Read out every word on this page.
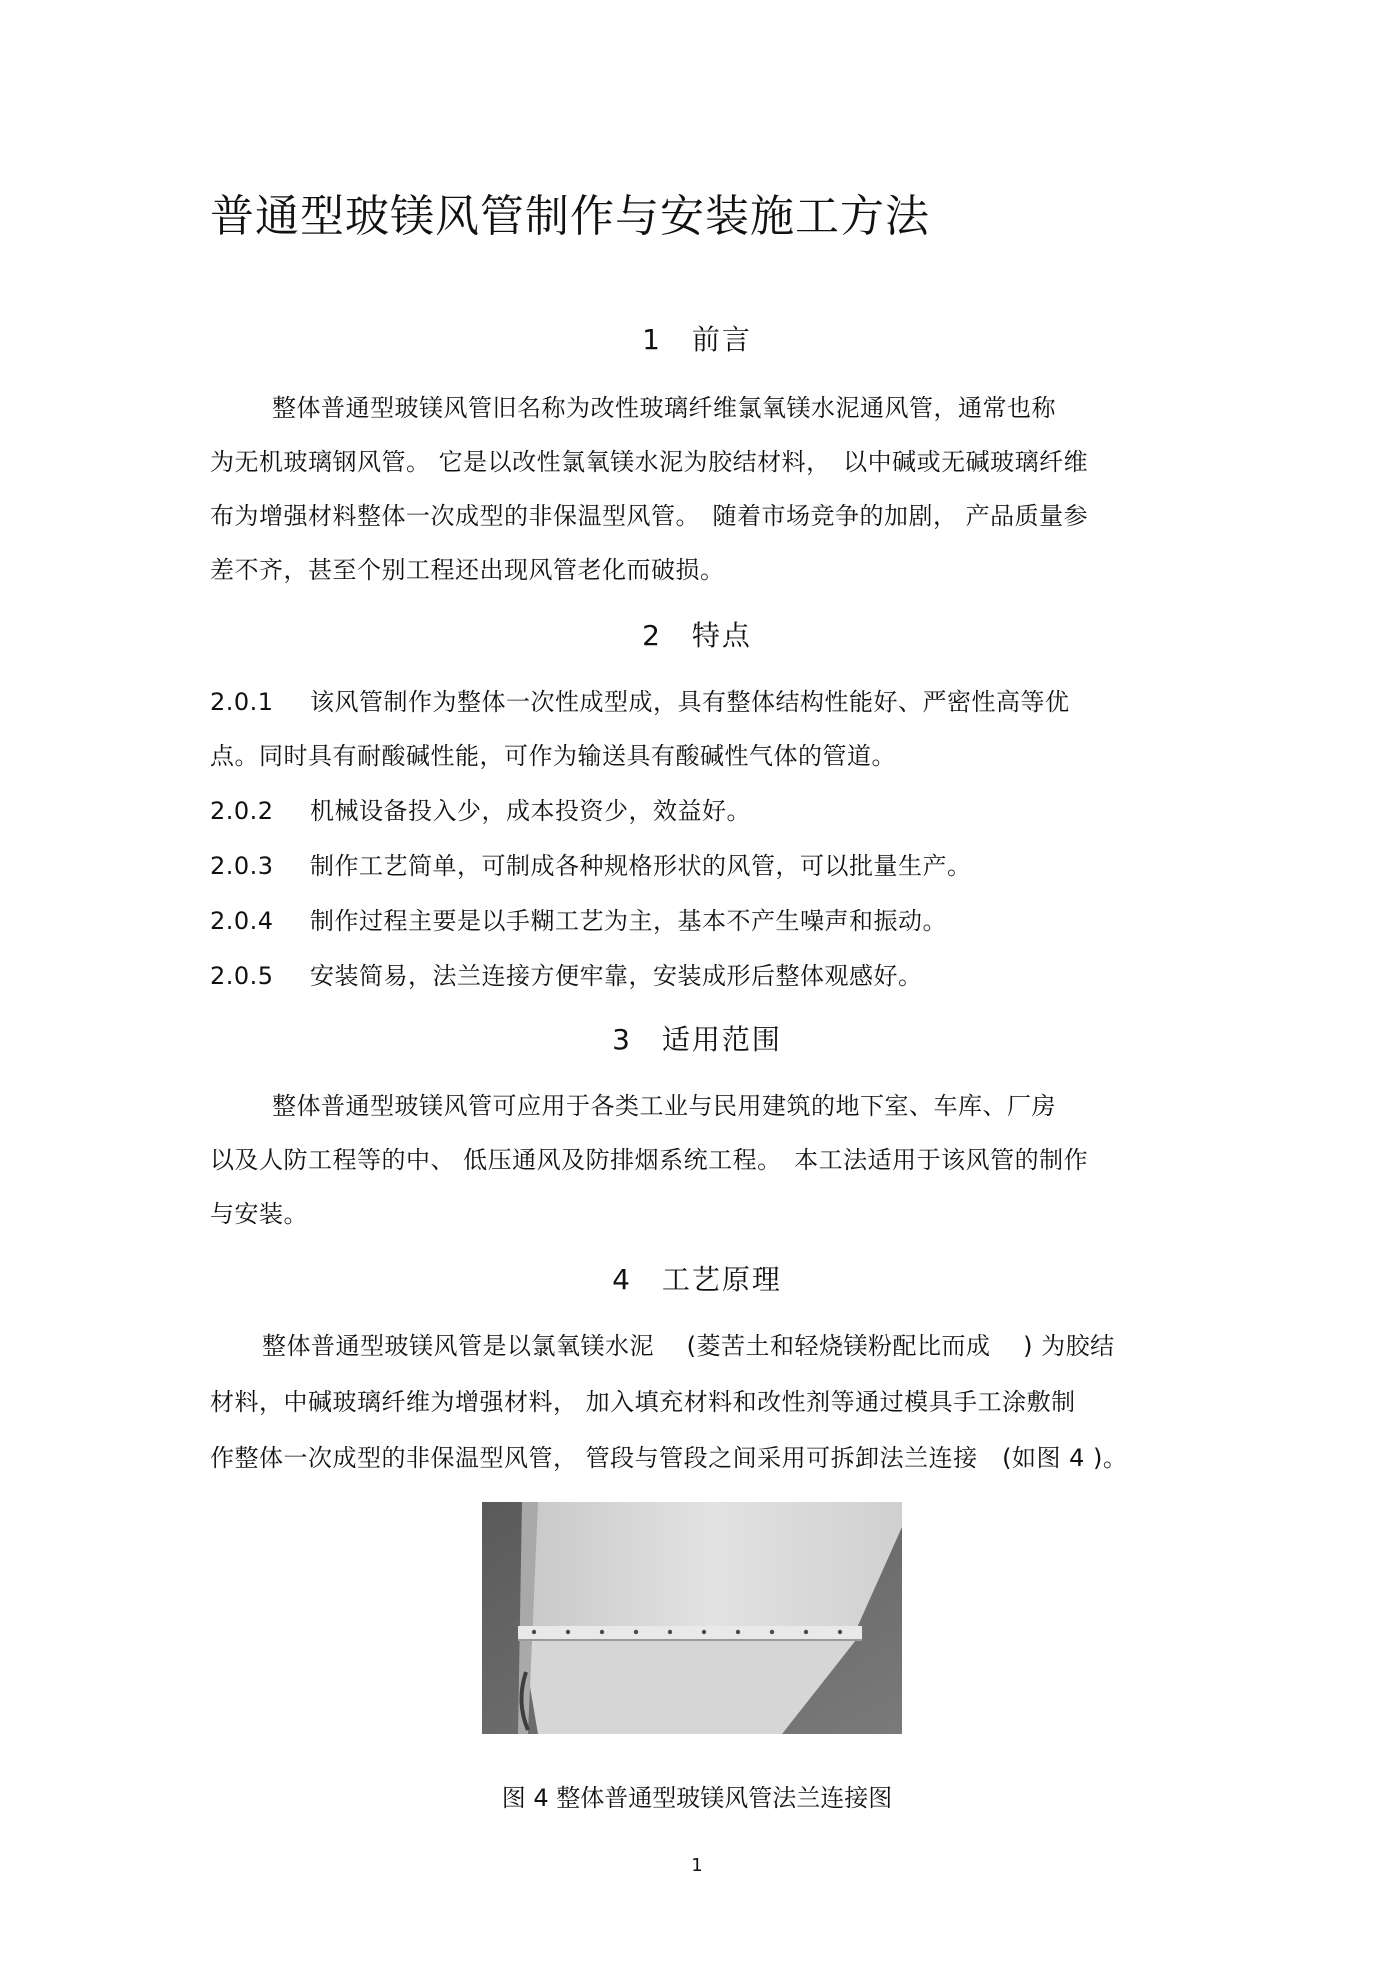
普通型玻镁风管制作与安装施工方法
1　前言
整体普通型玻镁风管旧名称为改性玻璃纤维氯氧镁水泥通风管，通常也称
为无机玻璃钢风管。 它是以改性氯氧镁水泥为胶结材料，　以中碱或无碱玻璃纤维
布为增强材料整体一次成型的非保温型风管。　随着市场竞争的加剧， 产品质量参
差不齐，甚至个别工程还出现风管老化而破损。
2　特点
2.0.1 该风管制作为整体一次性成型成，具有整体结构性能好、严密性高等优
点。同时具有耐酸碱性能，可作为输送具有酸碱性气体的管道。
2.0.2 机械设备投入少，成本投资少，效益好。
2.0.3 制作工艺简单，可制成各种规格形状的风管，可以批量生产。
2.0.4 制作过程主要是以手糊工艺为主，基本不产生噪声和振动。
2.0.5 安装简易，法兰连接方便牢靠，安装成形后整体观感好。
3　适用范围
整体普通型玻镁风管可应用于各类工业与民用建筑的地下室、车库、厂房
以及人防工程等的中、 低压通风及防排烟系统工程。　本工法适用于该风管的制作
与安装。
4　工艺原理
整体普通型玻镁风管是以氯氧镁水泥　 (菱苦土和轻烧镁粉配比而成　 ) 为胶结
材料，中碱玻璃纤维为增强材料， 加入填充材料和改性剂等通过模具手工涂敷制
作整体一次成型的非保温型风管， 管段与管段之间采用可拆卸法兰连接　(如图 4 )。
图 4 整体普通型玻镁风管法兰连接图
1
